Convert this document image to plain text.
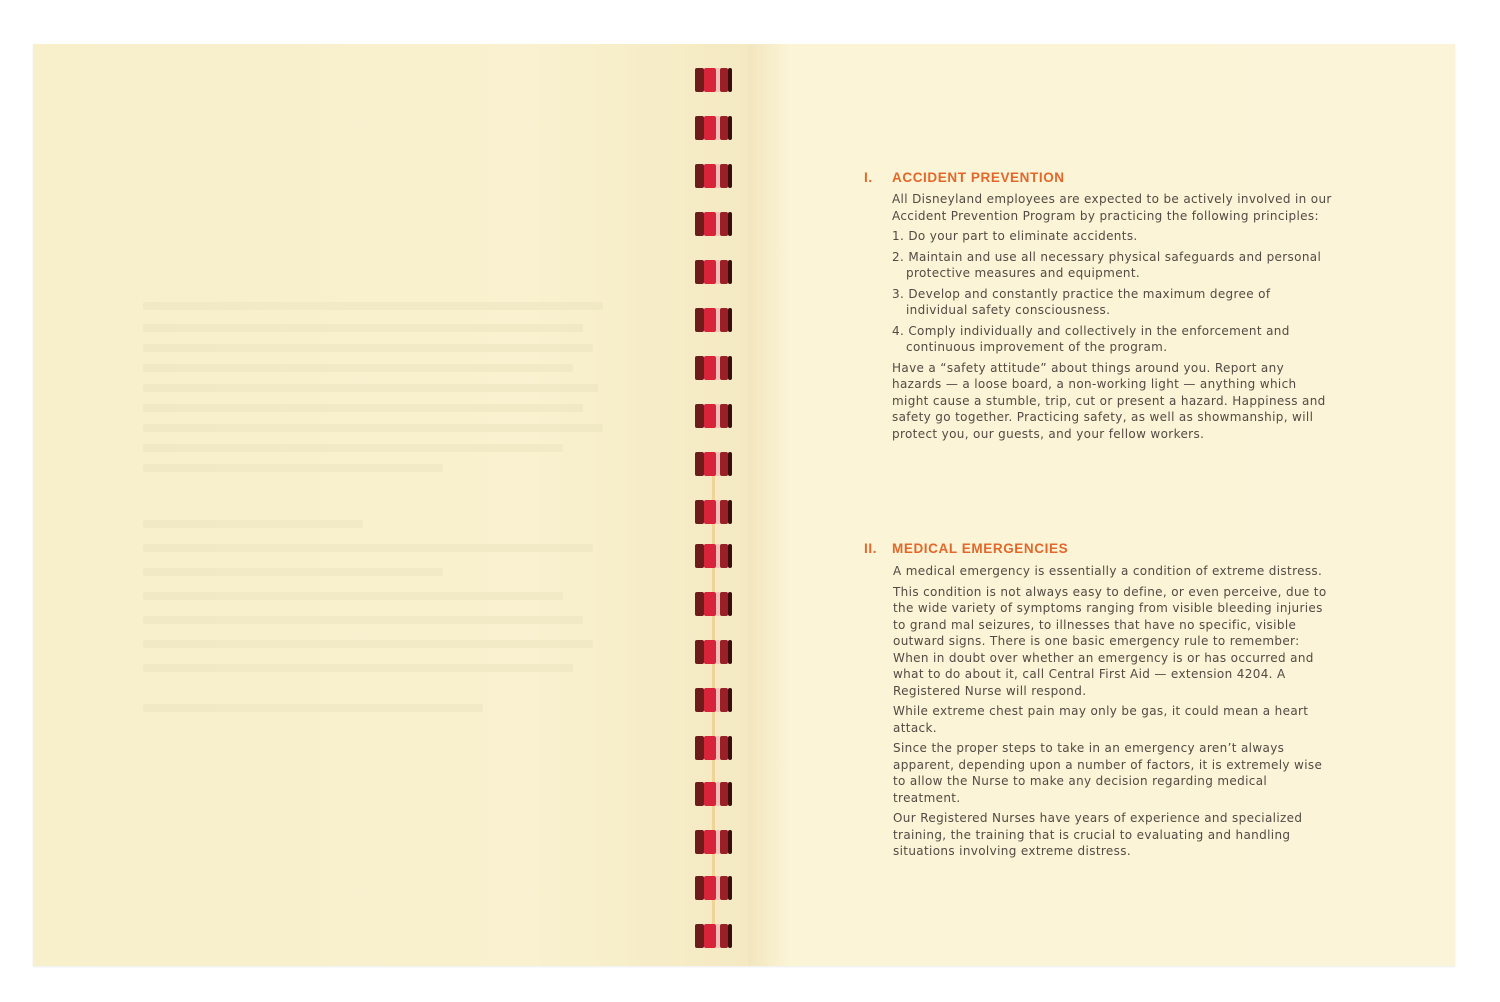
I. ACCIDENT PREVENTION

All Disneyland employees are expected to be actively involved in our Accident Prevention Program by practicing the following principles:

1. Do your part to eliminate accidents.
2. Maintain and use all necessary physical safeguards and personal protective measures and equipment.
3. Develop and constantly practice the maximum degree of individual safety consciousness.
4. Comply individually and collectively in the enforcement and continuous improvement of the program.

Have a “safety attitude” about things around you. Report any hazards — a loose board, a non-working light — anything which might cause a stumble, trip, cut or present a hazard. Happiness and safety go together. Practicing safety, as well as showmanship, will protect you, our guests, and your fellow workers.

II. MEDICAL EMERGENCIES

A medical emergency is essentially a condition of extreme distress.

This condition is not always easy to define, or even perceive, due to the wide variety of symptoms ranging from visible bleeding injuries to grand mal seizures, to illnesses that have no specific, visible outward signs. There is one basic emergency rule to remember: When in doubt over whether an emergency is or has occurred and what to do about it, call Central First Aid — extension 4204. A Registered Nurse will respond.

While extreme chest pain may only be gas, it could mean a heart attack.

Since the proper steps to take in an emergency aren’t always apparent, depending upon a number of factors, it is extremely wise to allow the Nurse to make any decision regarding medical treatment.

Our Registered Nurses have years of experience and specialized training, the training that is crucial to evaluating and handling situations involving extreme distress.
